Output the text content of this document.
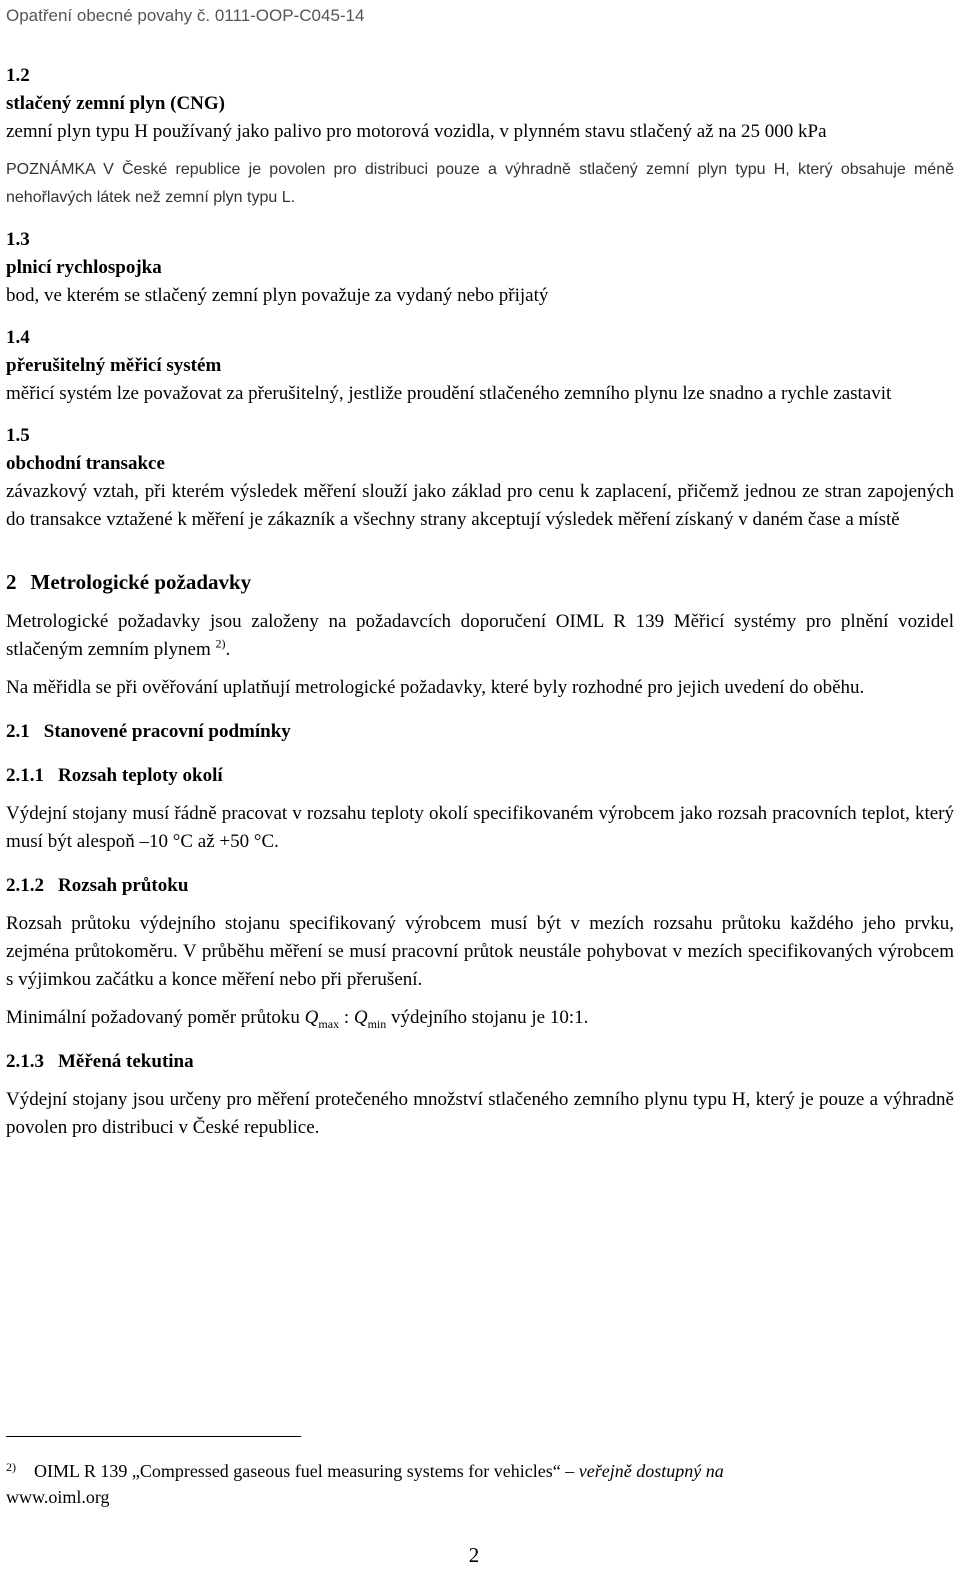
Opatření obecné povahy č. 0111-OOP-C045-14

1.2

stlačený zemní plyn (CNG)

zemní plyn typu H používaný jako palivo pro motorová vozidla, v plynném stavu stlačený až na 25 000 kPa

POZNÁMKA V České republice je povolen pro distribuci pouze a výhradně stlačený zemní plyn typu H, který obsahuje méně nehořlavých látek než zemní plyn typu L.

1.3

plnicí rychlospojka

bod, ve kterém se stlačený zemní plyn považuje za vydaný nebo přijatý

1.4

přerušitelný měřicí systém

měřicí systém lze považovat za přerušitelný, jestliže proudění stlačeného zemního plynu lze snadno a rychle zastavit

1.5

obchodní transakce

závazkový vztah, při kterém výsledek měření slouží jako základ pro cenu k zaplacení, přičemž jednou ze stran zapojených do transakce vztažené k měření je zákazník a všechny strany akceptují výsledek měření získaný v daném čase a místě

2 Metrologické požadavky

Metrologické požadavky jsou založeny na požadavcích doporučení OIML R 139 Měřicí systémy pro plnění vozidel stlačeným zemním plynem $^{2)}$.

Na měřidla se při ověřování uplatňují metrologické požadavky, které byly rozhodné pro jejich uvedení do oběhu.

2.1 Stanovené pracovní podmínky
2.1.1 Rozsah teploty okolí

Výdejní stojany musí řádně pracovat v rozsahu teploty okolí specifikovaném výrobcem jako rozsah pracovních teplot, který musí být alespoň –10 °C až +50 °C.

2.1.2 Rozsah průtoku

Rozsah průtoku výdejního stojanu specifikovaný výrobcem musí být v mezích rozsahu průtoku každého jeho prvku, zejména průtokoměru. V průběhu měření se musí pracovní průtok neustále pohybovat v mezích specifikovaných výrobcem s výjimkou začátku a konce měření nebo při přerušení.

Minimální požadovaný poměr průtoku $Q_{max}$ : $Q_{min}$ výdejního stojanu je 10:1.

2.1.3 Měřená tekutina

Výdejní stojany jsou určeny pro měření protečeného množství stlačeného zemního plynu typu H, který je pouze a výhradně povolen pro distribuci v České republice.

$^{2)}$ OIML R 139 „Compressed gaseous fuel measuring systems for vehicles“ – veřejně dostupný na
www.oiml.org
2
